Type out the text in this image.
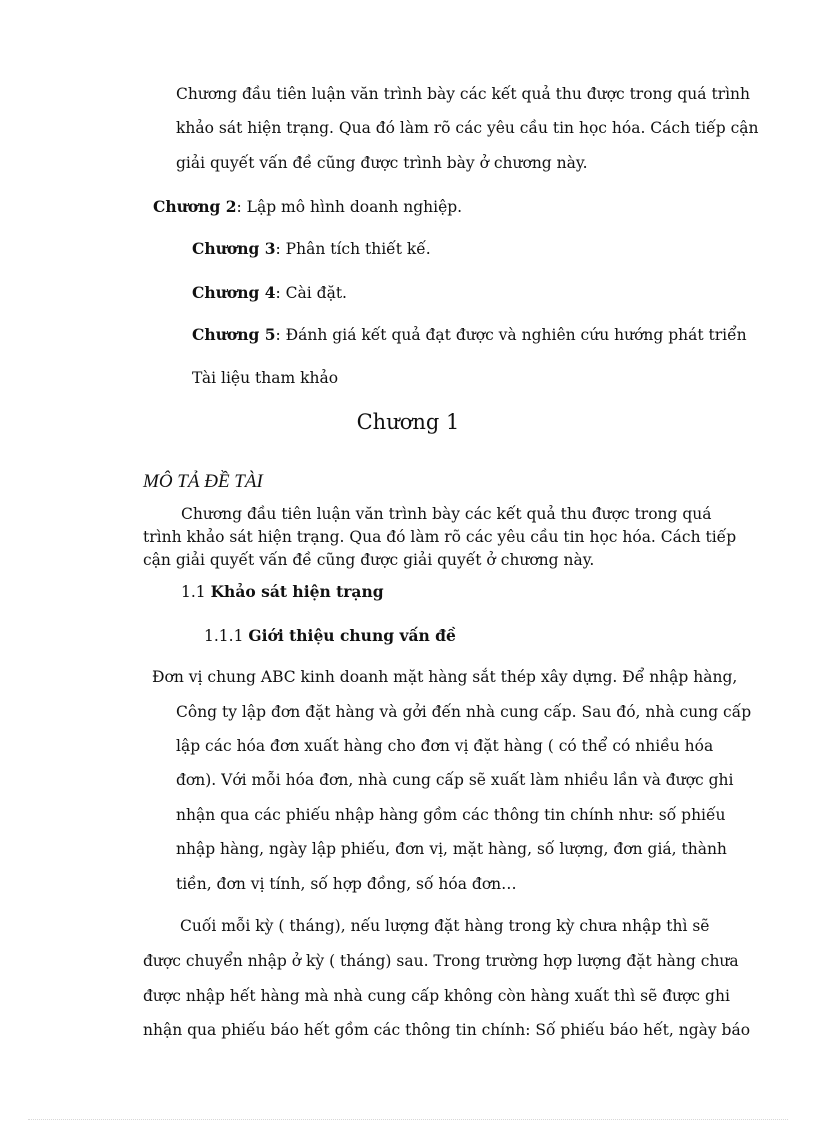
Chương đầu tiên luận văn trình bày các kết quả thu được trong quá trình
khảo sát hiện trạng. Qua đó làm rõ các yêu cầu tin học hóa. Cách tiếp cận
giải quyết vấn đề cũng được trình bày ở chương này.
Chương 2: Lập mô hình doanh nghiệp.
Chương 3: Phân tích thiết kế.
Chương 4: Cài đặt.
Chương 5: Đánh giá kết quả đạt được và nghiên cứu hướng phát triển
Tài liệu tham khảo
Chương 1
MÔ TẢ ĐỀ TÀI
Chương đầu tiên luận văn trình bày các kết quả thu được trong quá
trình khảo sát hiện trạng. Qua đó làm rõ các yêu cầu tin học hóa. Cách tiếp
cận giải quyết vấn đề cũng được giải quyết ở chương này.
1.1 Khảo sát hiện trạng
1.1.1 Giới thiệu chung vấn đề
Đơn vị chung ABC kinh doanh mặt hàng sắt thép xây dựng. Để nhập hàng,
Công ty lập đơn đặt hàng và gởi đến nhà cung cấp. Sau đó, nhà cung cấp
lập các hóa đơn xuất hàng cho đơn vị đặt hàng ( có thể có nhiều hóa
đơn). Với mỗi hóa đơn, nhà cung cấp sẽ xuất làm nhiều lần và được ghi
nhận qua các phiếu nhập hàng gồm các thông tin chính như: số phiếu
nhập hàng, ngày lập phiếu, đơn vị, mặt hàng, số lượng, đơn giá, thành
tiền, đơn vị tính, số hợp đồng, số hóa đơn…
Cuối mỗi kỳ ( tháng), nếu lượng đặt hàng trong kỳ chưa nhập thì sẽ
được chuyển nhập ở kỳ ( tháng) sau. Trong trường hợp lượng đặt hàng chưa
được nhập hết hàng mà nhà cung cấp không còn hàng xuất thì sẽ được ghi
nhận qua phiếu báo hết gồm các thông tin chính: Số phiếu báo hết, ngày báo
